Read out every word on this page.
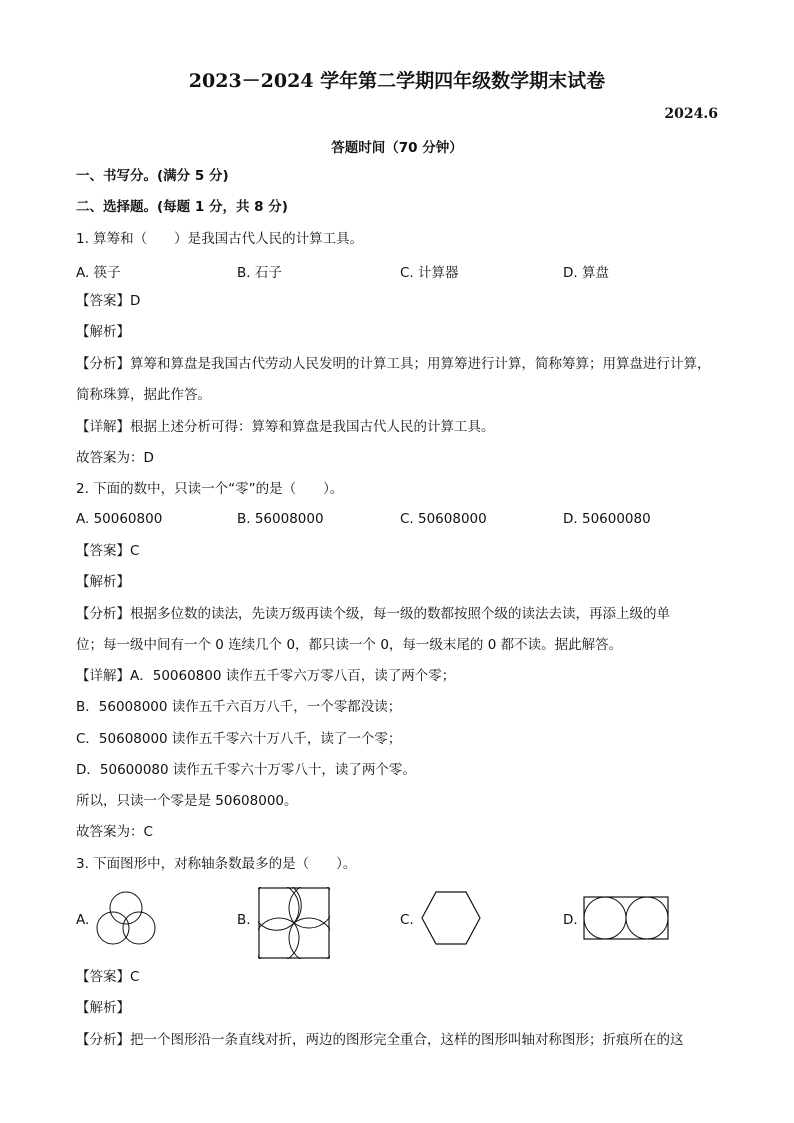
2023－2024 学年第二学期四年级数学期末试卷
2024.6
答题时间（70 分钟）
一、书写分。(满分 5 分)
二、选择题。(每题 1 分，共 8 分)
1. 算筹和（　　）是我国古代人民的计算工具。
A. 筷子	B. 石子	C. 计算器	D. 算盘
【答案】D
【解析】
【分析】算筹和算盘是我国古代劳动人民发明的计算工具；用算筹进行计算，简称筹算；用算盘进行计算，
简称珠算，据此作答。
【详解】根据上述分析可得：算筹和算盘是我国古代人民的计算工具。
故答案为：D
2. 下面的数中，只读一个“零”的是（　　）。
A. 50060800	B. 56008000	C. 50608000	D. 50600080
【答案】C
【解析】
【分析】根据多位数的读法，先读万级再读个级，每一级的数都按照个级的读法去读，再添上级的单
位；每一级中间有一个 0 连续几个 0，都只读一个 0，每一级末尾的 0 都不读。据此解答。
【详解】A．50060800 读作五千零六万零八百，读了两个零；
B．56008000 读作五千六百万八千，一个零都没读；
C．50608000 读作五千零六十万八千，读了一个零；
D．50600080 读作五千零六十万零八十，读了两个零。
所以，只读一个零是是 50608000。
故答案为：C
3. 下面图形中，对称轴条数最多的是（　　）。
A.	B.	C.	D.
【答案】C
【解析】
【分析】把一个图形沿一条直线对折，两边的图形完全重合，这样的图形叫轴对称图形；折痕所在的这
